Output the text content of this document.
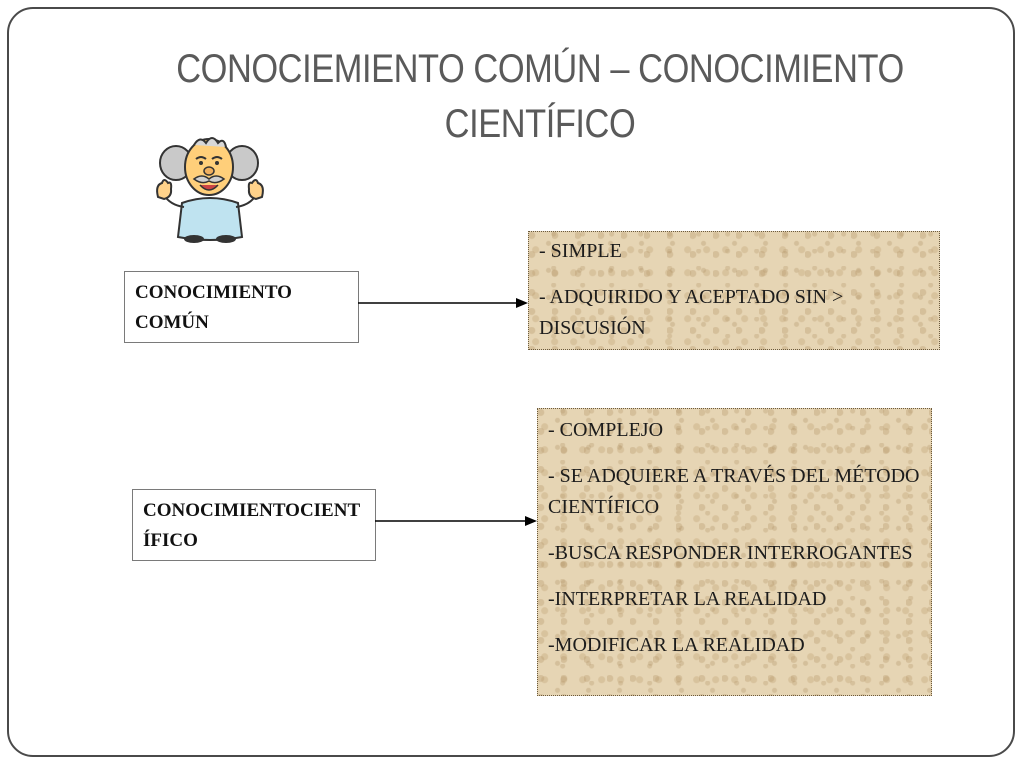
CONOCIEMIENTO COMÚN – CONOCIMIENTO
CIENTÍFICO
CONOCIMIENTO COMÚN

- SIMPLE

- ADQUIRIDO Y ACEPTADO SIN > DISCUSIÓN

CONOCIMIENTOCIENTÍFICO

- COMPLEJO

- SE ADQUIERE A TRAVÉS DEL MÉTODO CIENTÍFICO

-BUSCA RESPONDER INTERROGANTES

-INTERPRETAR LA REALIDAD

-MODIFICAR LA REALIDAD
